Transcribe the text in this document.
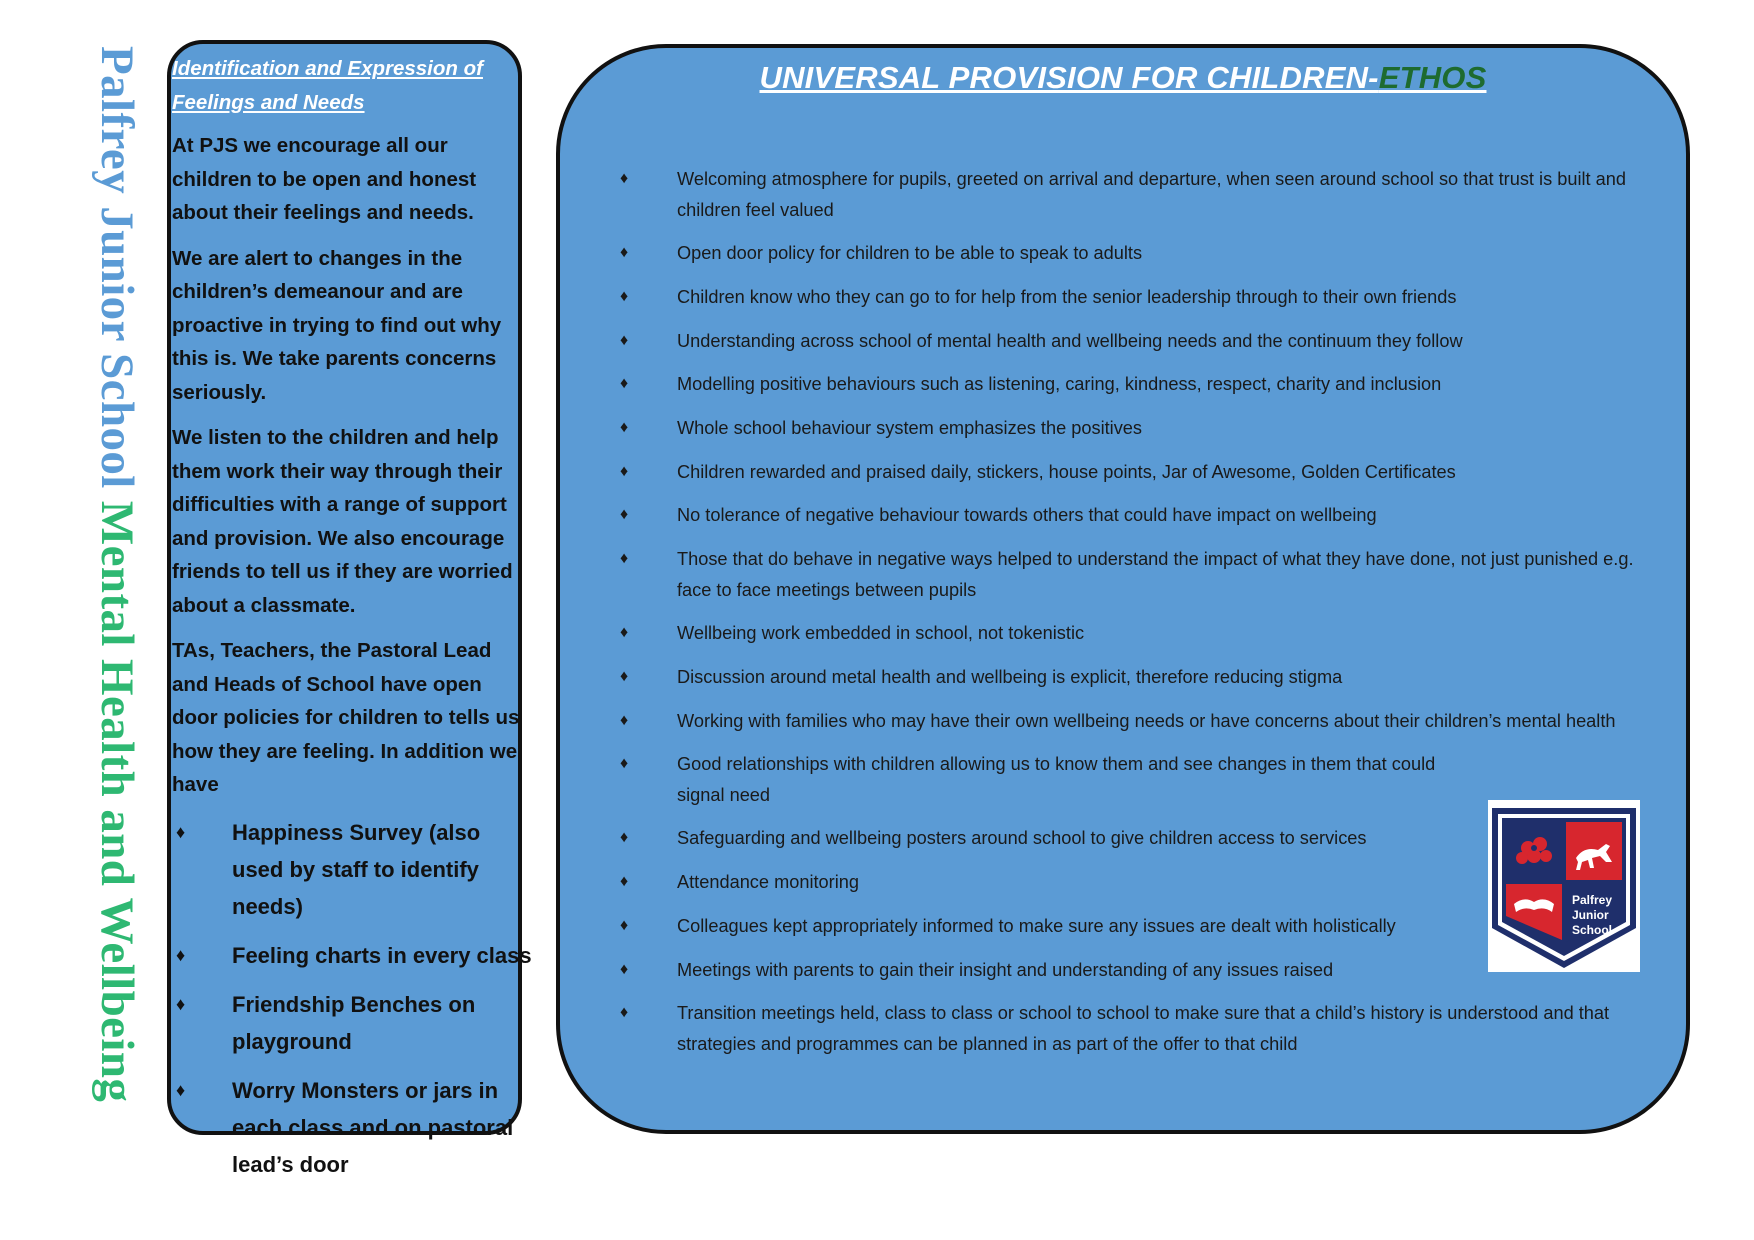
Palfrey Junior School Mental Health and Wellbeing
Identification and Expression of
Feelings and Needs

At PJS we encourage all our children to be open and honest about their feelings and needs.

We are alert to changes in the children’s demeanour and are proactive in trying to find out why this is. We take parents concerns seriously.

We listen to the children and help them work their way through their difficulties with a range of support and provision. We also encourage friends to tell us if they are worried about a classmate.

TAs, Teachers, the Pastoral Lead and Heads of School have open door policies for children to tells us how they are feeling. In addition we have

♦ Happiness Survey (also used by staff to identify needs)
♦ Feeling charts in every class
♦ Friendship Benches on playground
♦ Worry Monsters or jars in each class and on pastoral lead’s door
UNIVERSAL PROVISION FOR CHILDREN-ETHOS
♦	Welcoming atmosphere for pupils, greeted on arrival and departure, when seen around school so that trust is built and children feel valued
♦	Open door policy for children to be able to speak to adults
♦	Children know who they can go to for help from the senior leadership through to their own friends
♦	Understanding across school of mental health and wellbeing needs and the continuum they follow
♦	Modelling positive behaviours such as listening, caring, kindness, respect, charity and inclusion
♦	Whole school behaviour system emphasizes the positives
♦	Children rewarded and praised daily, stickers, house points, Jar of Awesome, Golden Certificates
♦	No tolerance of negative behaviour towards others that could have impact on wellbeing
♦	Those that do behave in negative ways helped to understand the impact of what they have done, not just punished e.g. face to face meetings between pupils
♦	Wellbeing work embedded in school, not tokenistic
♦	Discussion around metal health and wellbeing is explicit, therefore reducing stigma
♦	Working with families who may have their own wellbeing needs or have concerns about their children’s mental health
♦	Good relationships with children allowing us to know them and see changes in them that could signal need
♦	Safeguarding and wellbeing posters around school to give children access to services
♦	Attendance monitoring
♦	Colleagues kept appropriately informed to make sure any issues are dealt with holistically
♦	Meetings with parents to gain their insight and understanding of any issues raised
♦	Transition meetings held, class to class or school to school to make sure that a child’s history is understood and that strategies and programmes can be planned in as part of the offer to that child
Palfrey
Junior
School
